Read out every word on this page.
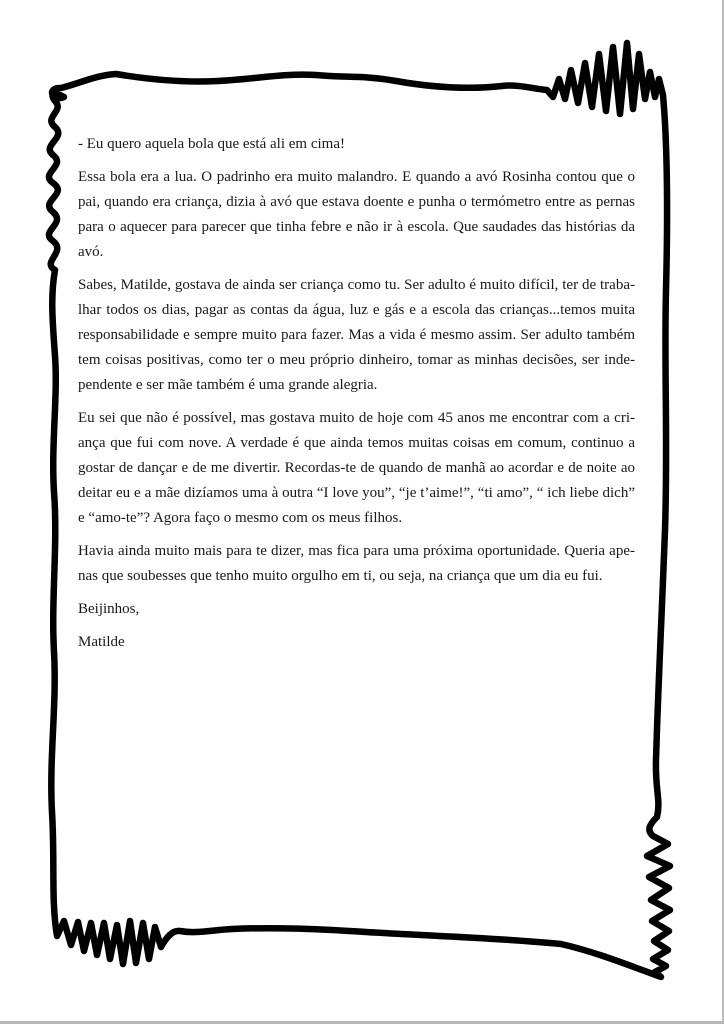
- Eu quero aquela bola que está ali em cima!

Essa bola era a lua. O padrinho era muito malandro. E quando a avó Rosinha contou que o pai, quando era criança, dizia à avó que estava doente e punha o termómetro entre as pernas para o aquecer para parecer que tinha febre e não ir à escola. Que saudades das histórias da avó.

Sabes, Matilde, gostava de ainda ser criança como tu. Ser adulto é muito difícil, ter de trabalhar todos os dias, pagar as contas da água, luz e gás e a escola das crianças...temos muita responsabilidade e sempre muito para fazer. Mas a vida é mesmo assim. Ser adulto também tem coisas positivas, como ter o meu próprio dinheiro, tomar as minhas decisões, ser independente e ser mãe também é uma grande alegria.

Eu sei que não é possível, mas gostava muito de hoje com 45 anos me encontrar com a criança que fui com nove. A verdade é que ainda temos muitas coisas em comum, continuo a gostar de dançar e de me divertir. Recordas-te de quando de manhã ao acordar e de noite ao deitar eu e a mãe dizíamos uma à outra “I love you”, “je t’aime!”, “ti amo”, “ ich liebe dich” e “amo-te”? Agora faço o mesmo com os meus filhos.

Havia ainda muito mais para te dizer, mas fica para uma próxima oportunidade. Queria apenas que soubesses que tenho muito orgulho em ti, ou seja, na criança que um dia eu fui.

Beijinhos,

Matilde
